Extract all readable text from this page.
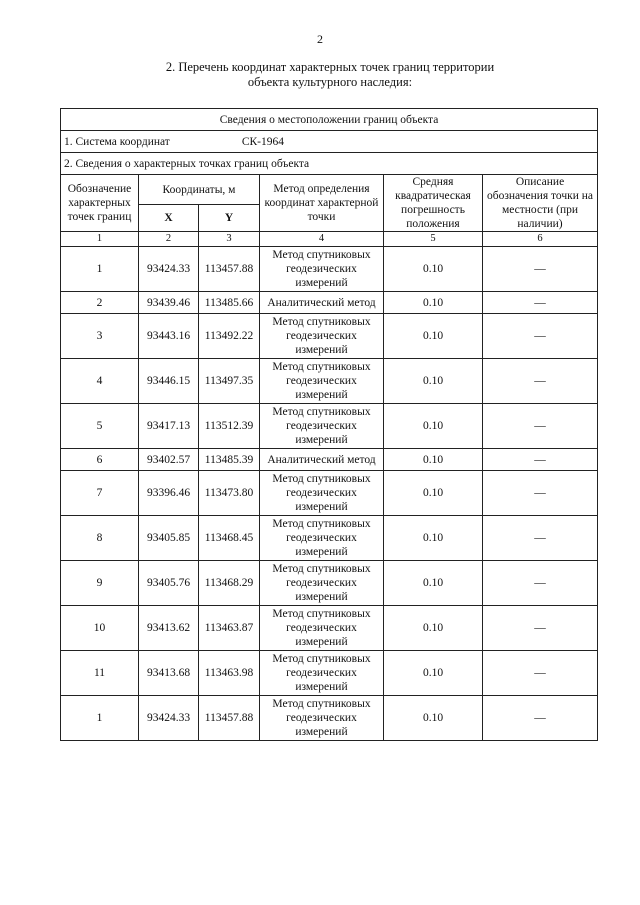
2
2. Перечень координат характерных точек границ территории
объекта культурного наследия:
Сведения о местоположении границ объекта					
1. Система координат СК-1964					
2. Сведения о характерных точках границ объекта					
Обозначение характерных точек границ	Координаты, м		Метод определения координат характерной точки	Средняя квадратическая погрешность положения	Описание обозначения точки на местности (при наличии)
	X	Y			
1	2	3	4	5	6
1	93424.33	113457.88	Метод спутниковых геодезических измерений	0.10	—
2	93439.46	113485.66	Аналитический метод	0.10	—
3	93443.16	113492.22	Метод спутниковых геодезических измерений	0.10	—
4	93446.15	113497.35	Метод спутниковых геодезических измерений	0.10	—
5	93417.13	113512.39	Метод спутниковых геодезических измерений	0.10	—
6	93402.57	113485.39	Аналитический метод	0.10	—
7	93396.46	113473.80	Метод спутниковых геодезических измерений	0.10	—
8	93405.85	113468.45	Метод спутниковых геодезических измерений	0.10	—
9	93405.76	113468.29	Метод спутниковых геодезических измерений	0.10	—
10	93413.62	113463.87	Метод спутниковых геодезических измерений	0.10	—
11	93413.68	113463.98	Метод спутниковых геодезических измерений	0.10	—
1	93424.33	113457.88	Метод спутниковых геодезических измерений	0.10	—
